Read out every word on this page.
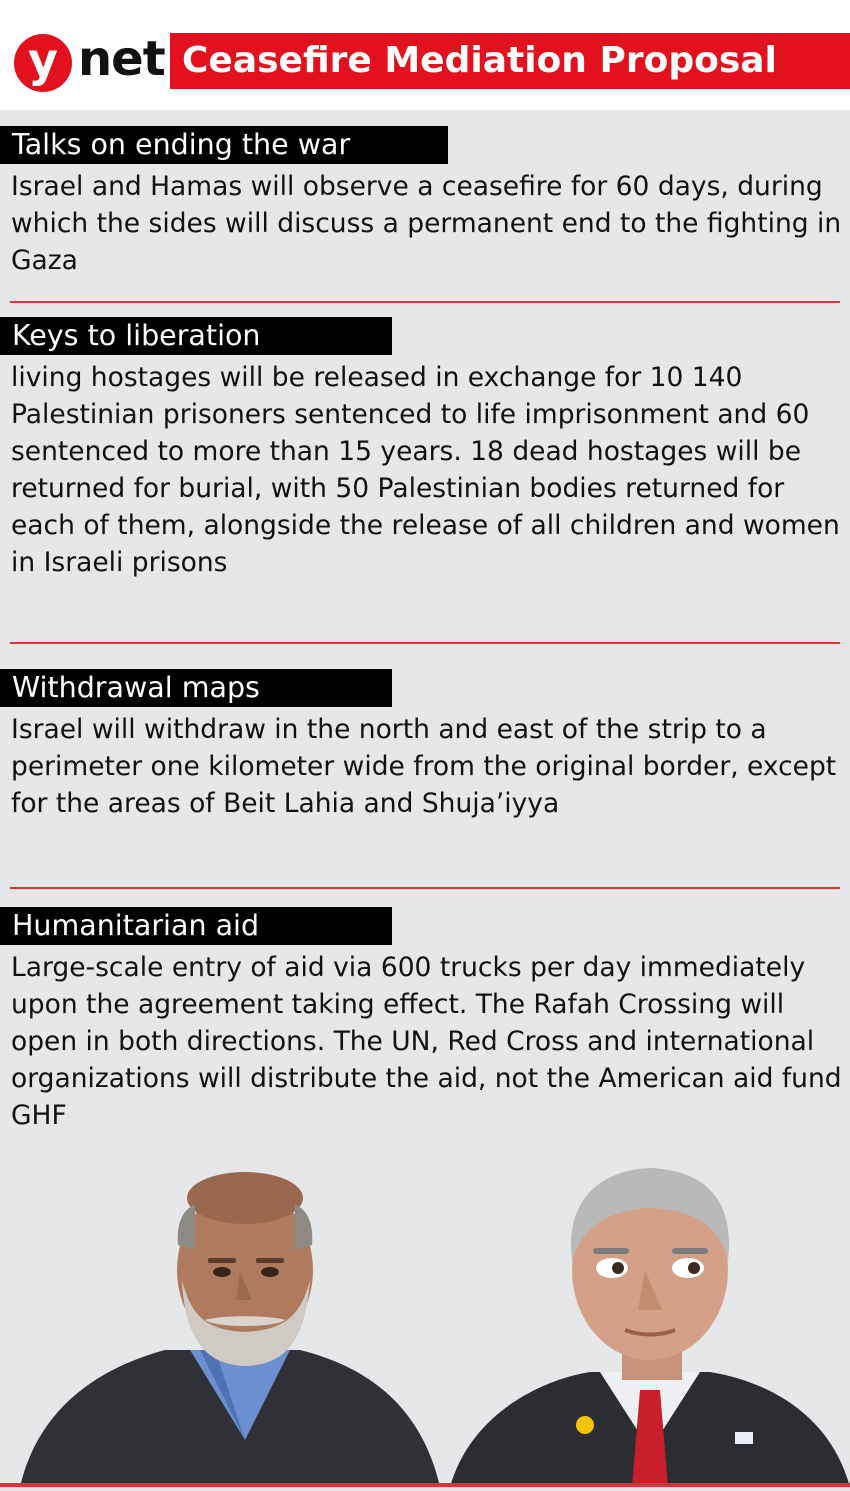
y net Ceasefire Mediation Proposal
Talks on ending the war
Israel and Hamas will observe a ceasefire for 60 days, during which the sides will discuss a permanent end to the fighting in Gaza
Keys to liberation
living hostages will be released in exchange for 10 140 Palestinian prisoners sentenced to life imprisonment and 60 sentenced to more than 15 years. 18 dead hostages will be returned for burial, with 50 Palestinian bodies returned for each of them, alongside the release of all children and women in Israeli prisons
Withdrawal maps
Israel will withdraw in the north and east of the strip to a perimeter one kilometer wide from the original border, except for the areas of Beit Lahia and Shuja’iyya
Humanitarian aid
Large-scale entry of aid via 600 trucks per day immediately upon the agreement taking effect. The Rafah Crossing will open in both directions. The UN, Red Cross and international organizations will distribute the aid, not the American aid fund GHF
